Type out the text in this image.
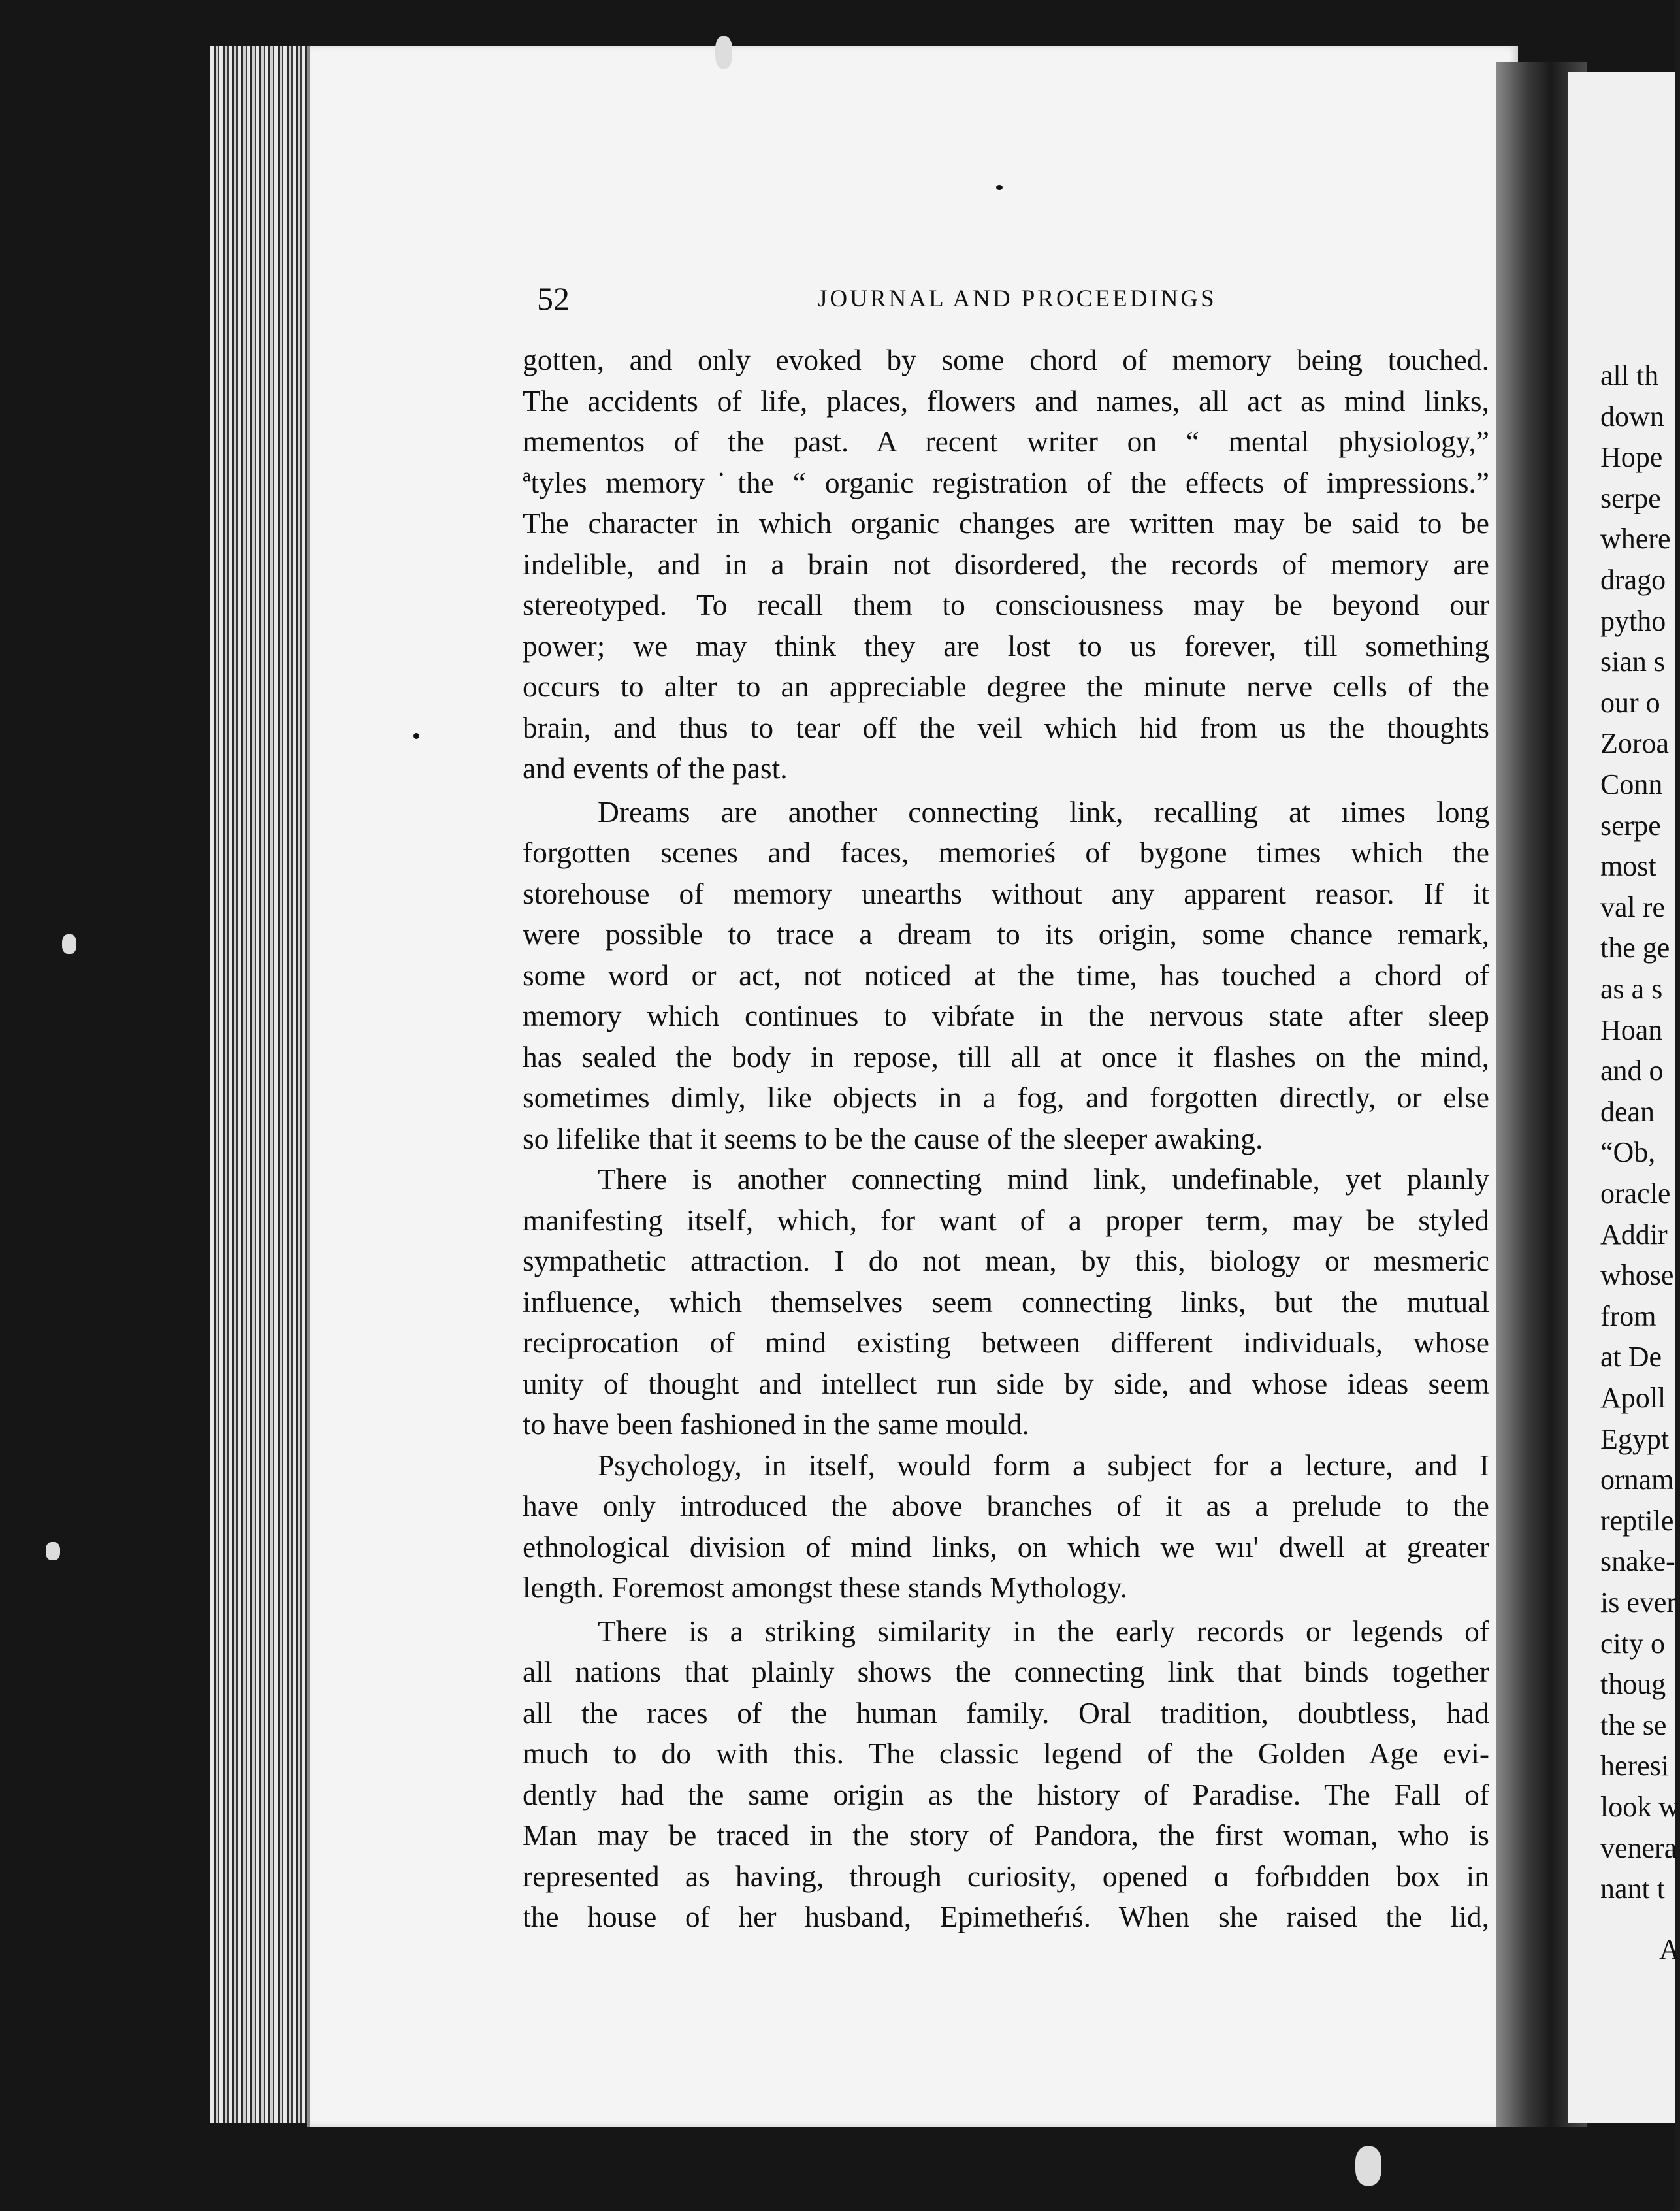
all th
down
Hope
serpe
where
drago
pytho
sian s
our o
Zoroa
Conn
serpe
most
val re
the ge
as a s
Hoan
and o
dean
“Ob,
oracle
Addir
whose
from
at De
Apoll
Egypt
ornam
reptile
snake-
is ever
city o
thoug
the se
heresi
look w
venera
nant t
A
52	JOURNAL AND PROCEEDINGS
gotten, and only evoked by some chord of memory being touched.
The accidents of life, places, flowers and names, all act as mind links,
mementos of the past. A recent writer on “ mental physiology,”
ªtyles memory˙the “ organic registration of the effects of impressions.”
The character in which organic changes are written may be said to be
indelible, and in a brain not disordered, the records of memory are
stereotyped. To recall them to consciousness may be beyond our
power; we may think they are lost to us forever, till something
occurs to alter to an appreciable degree the minute nerve cells of the
brain, and thus to tear off the veil which hid from us the thoughts
and events of the past.
Dreams are another connecting link, recalling at ıimes long
forgotten scenes and faces, memorieś of bygone times which the
storehouse of memory unearths without any apparent reasoг. If it
were possible to trace a dream to its origin, some chance remark,
some word or act, not noticed at the time, has touched a chord of
memory which continues to vibŕate in the nervous state after sleep
has sealed the body in repose, till all at once it flashes on the mind,
sometimes dimly, like objects in a fog, and forgotten directly, or else
so lifelike that it seems to be the cause of the sleeper awaking.
There is another connecting mind link, undefinable, yet plaınly
manifesting itself, which, for want of a proper term, may be styled
sympathetic attraction. I do not mean, by this, biology or mesmeric
influence, which themselves seem connecting links, but the mutual
reciprocation of mind existing between different individuals, whose
unity of thought and intellect run side by side, and whose ideas seem
to have been fashioned in the same mould.
Psychology, in itself, would form a subject for a lecture, and I
have only introduced the above branches of it as a prelude to the
ethnological division of mind links, on which we wıı' dwell at greater
length. Foremost amongst these stands Mythology.
There is a striking similarity in the early records or legends of
all nations that plainly shows the connecting link that binds together
all the races of the human family. Oral tradition, doubtless, had
much to do with this. The classic legend of the Golden Age evi-
dently had the same origin as the history of Paradise. The Fall of
Man may be traced in the story of Pandora, the first woman, who is
represented as having, through curiosity, opened ɑ foŕbıdden box in
the house of her husband, Epimetheŕıś. When she raised the lid,
